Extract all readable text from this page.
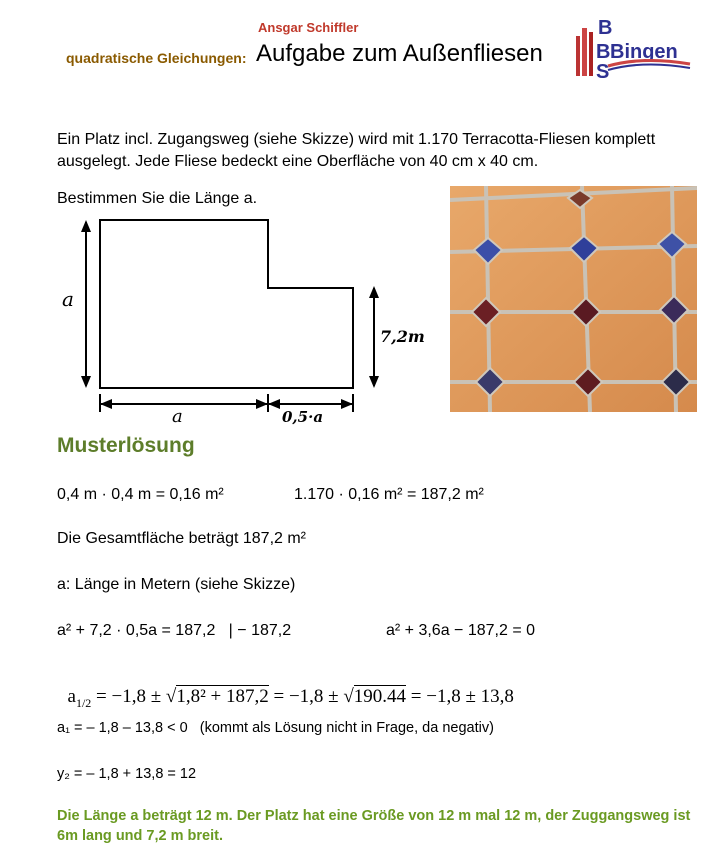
Ansgar Schiffler
quadratische Gleichungen: Aufgabe zum Außenfliesen
B
B
S
Bingen
Ein Platz incl. Zugangsweg (siehe Skizze) wird mit 1.170 Terracotta-Fliesen komplett ausgelegt. Jede Fliese bedeckt eine Oberfläche von 40 cm x 40 cm.
Bestimmen Sie die Länge a.
a
7,2m
a	0,5·a
Musterlösung
0,4 m · 0,4 m = 0,16 m²	1.170 · 0,16 m² = 187,2 m²
Die Gesamtfläche beträgt 187,2 m²
a: Länge in Metern (siehe Skizze)
a² + 7,2 · 0,5a = 187,2   | − 187,2	a² + 3,6a − 187,2 = 0

$a_{1/2} = -1,8 \pm √1,8^2 + 187,2 = -1,8 \pm √190.44 = -1,8 \pm 13,8$

a₁ = – 1,8 – 13,8 < 0   (kommt als Lösung nicht in Frage, da negativ)
y₂ = – 1,8 + 13,8 = 12
Die Länge a beträgt 12 m. Der Platz hat eine Größe von 12 m mal 12 m, der Zuggangsweg ist 6m lang und 7,2 m breit.
